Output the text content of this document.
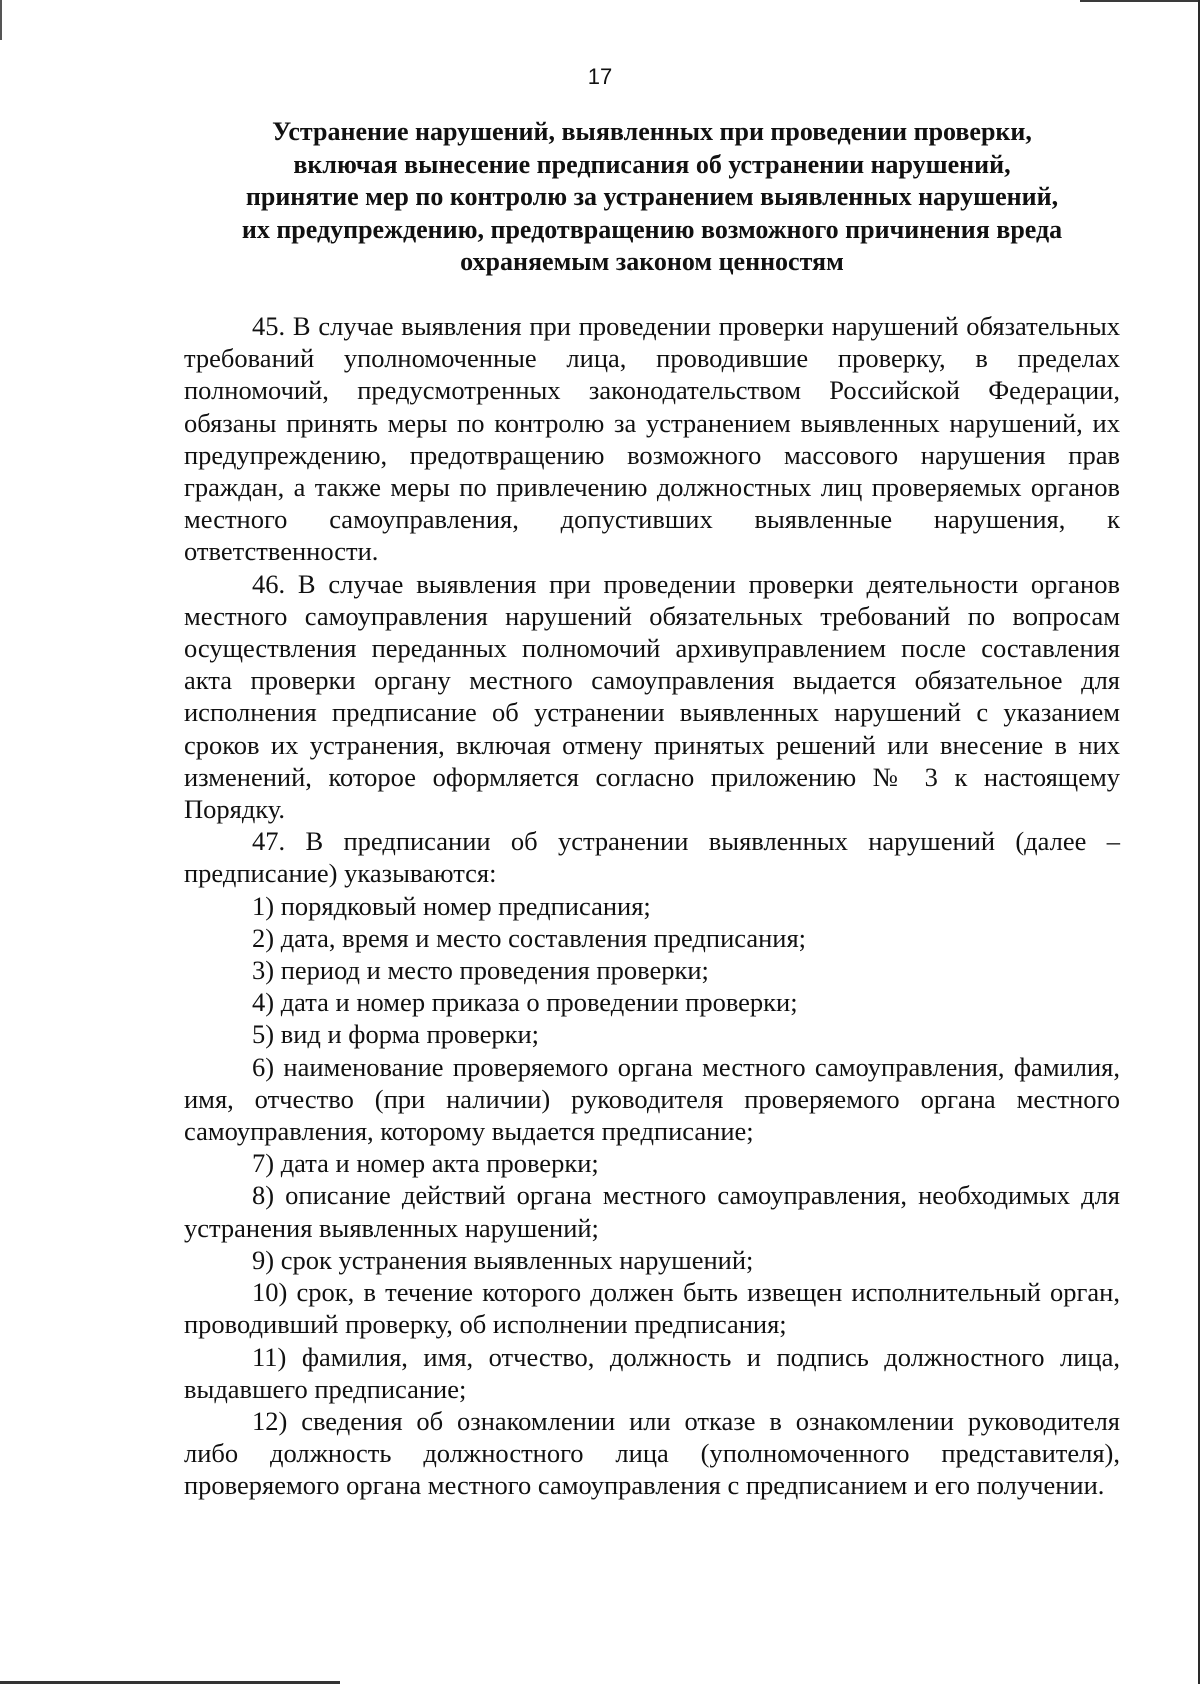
17
Устранение нарушений, выявленных при проведении проверки,
включая вынесение предписания об устранении нарушений,
принятие мер по контролю за устранением выявленных нарушений,
их предупреждению, предотвращению возможного причинения вреда
охраняемым законом ценностям

45. В случае выявления при проведении проверки нарушений обязательных требований уполномоченные лица, проводившие проверку, в пределах полномочий, предусмотренных законодательством Российской Федерации, обязаны принять меры по контролю за устранением выявленных нарушений, их предупреждению, предотвращению возможного массового нарушения прав граждан, а также меры по привлечению должностных лиц проверяемых органов местного самоуправления, допустивших выявленные нарушения, к ответственности.

46. В случае выявления при проведении проверки деятельности органов местного самоуправления нарушений обязательных требований по вопросам осуществления переданных полномочий архивуправлением после составления акта проверки органу местного самоуправления выдается обязательное для исполнения предписание об устранении выявленных нарушений с указанием сроков их устранения, включая отмену принятых решений или внесение в них изменений, которое оформляется согласно приложению № 3 к настоящему Порядку.

47. В предписании об устранении выявленных нарушений (далее – предписание) указываются:

1) порядковый номер предписания;

2) дата, время и место составления предписания;

3) период и место проведения проверки;

4) дата и номер приказа о проведении проверки;

5) вид и форма проверки;

6) наименование проверяемого органа местного самоуправления, фамилия, имя, отчество (при наличии) руководителя проверяемого органа местного самоуправления, которому выдается предписание;

7) дата и номер акта проверки;

8) описание действий органа местного самоуправления, необходимых для устранения выявленных нарушений;

9) срок устранения выявленных нарушений;

10) срок, в течение которого должен быть извещен исполнительный орган, проводивший проверку, об исполнении предписания;

11) фамилия, имя, отчество, должность и подпись должностного лица, выдавшего предписание;

12) сведения об ознакомлении или отказе в ознакомлении руководителя либо должность должностного лица (уполномоченного представителя), проверяемого органа местного самоуправления с предписанием и его получении.
